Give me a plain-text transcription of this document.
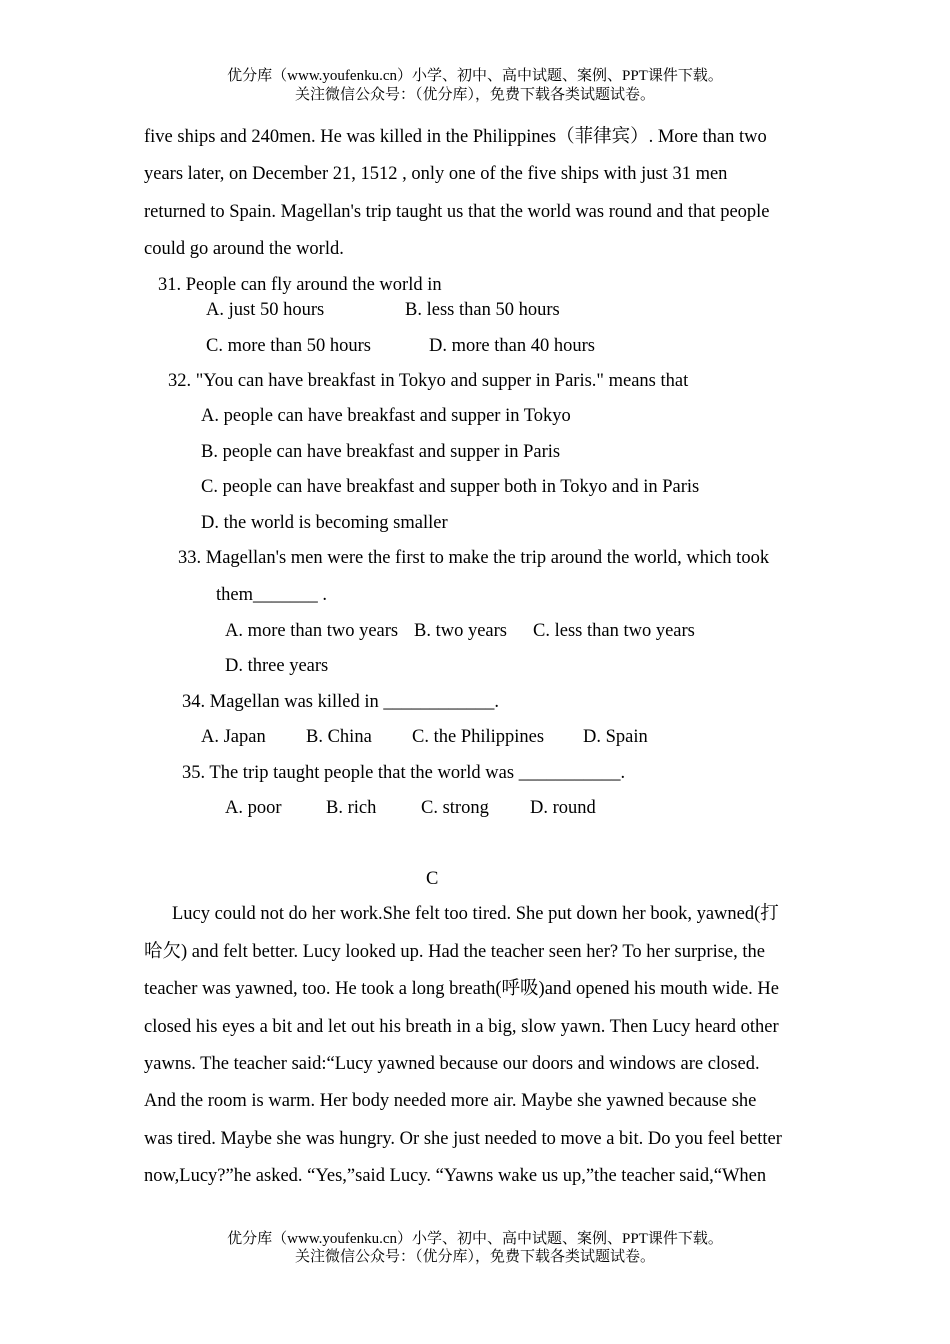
优分库（www.youfenku.cn）小学、初中、高中试题、案例、PPT课件下载。
关注微信公众号：（优分库），免费下载各类试题试卷。
five ships and 240men. He was killed in the Philippines（菲律宾）. More than two
years later, on December 21, 1512 , only one of the five ships with just 31 men
returned to Spain. Magellan's trip taught us that the world was round and that people
could go around the world.
31. People can fly around the world in
A. just 50 hours	B. less than 50 hours
C. more than 50 hours	D. more than 40 hours
32. "You can have breakfast in Tokyo and supper in Paris." means that
A. people can have breakfast and supper in Tokyo
B. people can have breakfast and supper in Paris
C. people can have breakfast and supper both in Tokyo and in Paris
D. the world is becoming smaller
33. Magellan's men were the first to make the trip around the world, which took
them_______ .
A. more than two years B. two years C. less than two years
D. three years
34. Magellan was killed in ____________.
A. Japan B. China C. the Philippines D. Spain
35. The trip taught people that the world was ___________.
A. poor B. rich C. strong D. round
C
Lucy could not do her work.She felt too tired. She put down her book, yawned(打
哈欠) and felt better. Lucy looked up. Had the teacher seen her? To her surprise, the
teacher was yawned, too. He took a long breath(呼吸)and opened his mouth wide. He
closed his eyes a bit and let out his breath in a big, slow yawn. Then Lucy heard other
yawns. The teacher said:“Lucy yawned because our doors and windows are closed.
And the room is warm. Her body needed more air. Maybe she yawned because she
was tired. Maybe she was hungry. Or she just needed to move a bit. Do you feel better
now,Lucy?”he asked. “Yes,”said Lucy. “Yawns wake us up,”the teacher said,“When
优分库（www.youfenku.cn）小学、初中、高中试题、案例、PPT课件下载。
关注微信公众号：（优分库），免费下载各类试题试卷。
